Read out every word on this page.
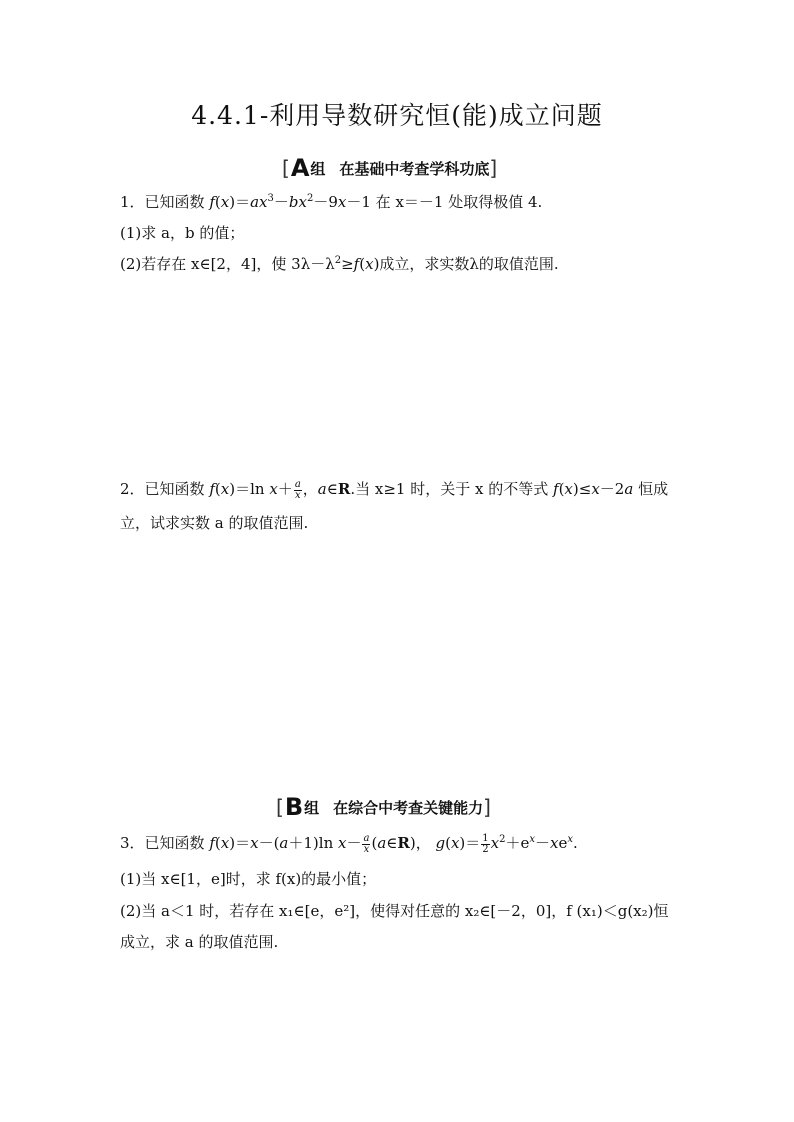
4.4.1-利用导数研究恒(能)成立问题
[ A 组 在基础中考查学科功底 ]
1．已知函数 $f(x)=ax^3-bx^2-9x-1$ 在 x＝－1 处取得极值 4.
(1)求 a，b 的值；
(2)若存在 x∈[2，4]，使 $3\lambda-\lambda^2\ge f(x)$成立，求实数λ的取值范围.
2．已知函数 f(x)＝ln $x+ \frac{a}{x}$ ，a∈R.当 x≥1 时，关于 x 的不等式 f(x)≤x－2a 恒成
立，试求实数 a 的取值范围.
[ B 组 在综合中考查关键能力 ]
3．已知函数 f(x)＝x－(a＋1)ln $x- \frac{a}{x}$ (a∈R)， $g(x)= \frac{1}{2} x^2+e^x-xe^x$.
(1)当 x∈[1，e]时，求 f(x)的最小值；
(2)当 a＜1 时，若存在 x₁∈[e，e²]，使得对任意的 x₂∈[－2，0]，f (x₁)＜g(x₂)恒
成立，求 a 的取值范围.
